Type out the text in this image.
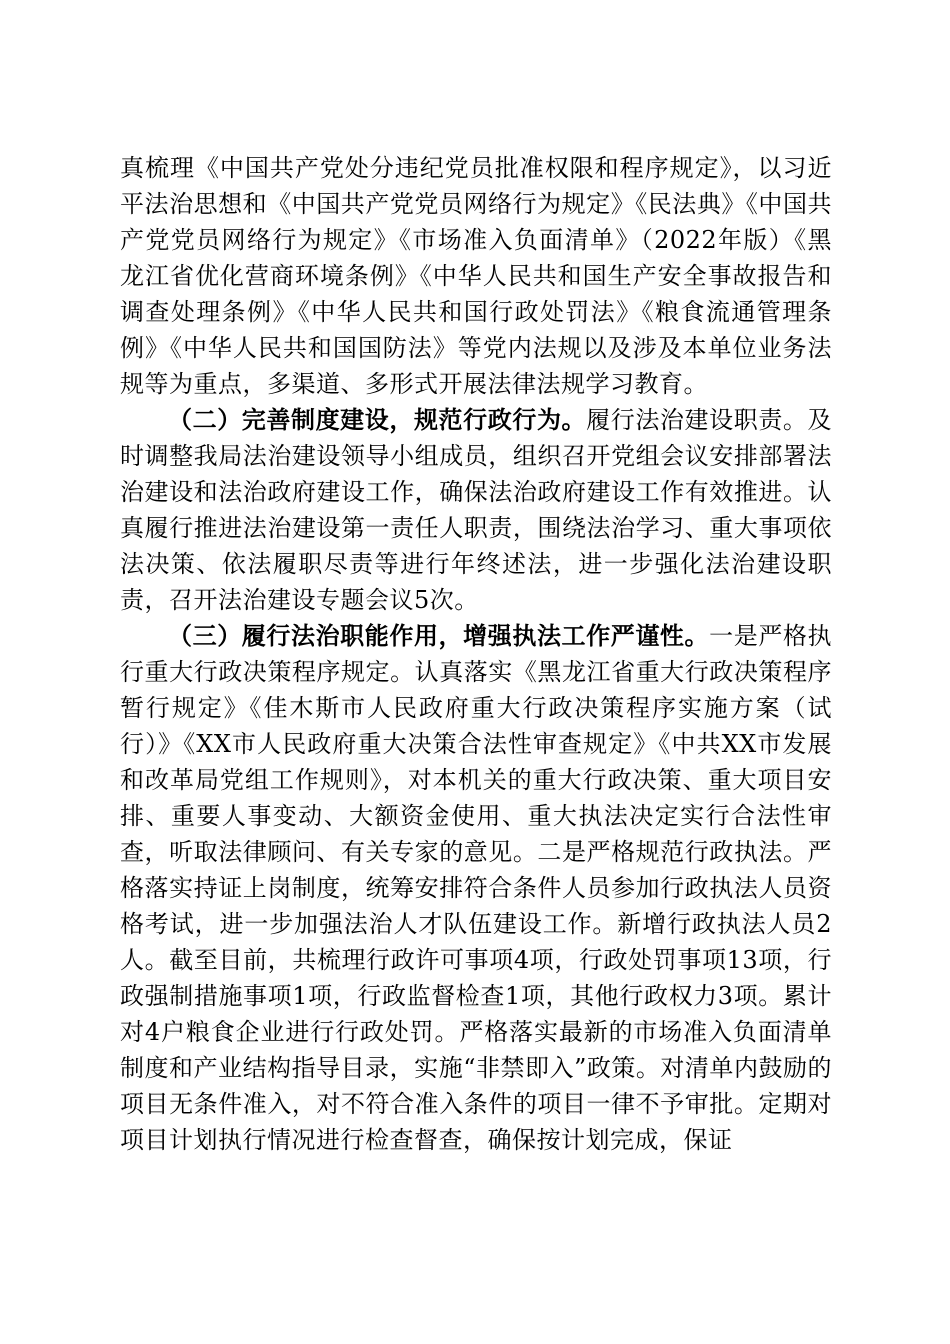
真梳理《中国共产党处分违纪党员批准权限和程序规定》，以习近平法治思想和《中国共产党党员网络行为规定》《民法典》《中国共产党党员网络行为规定》《市场准入负面清单》（2022年版）《黑龙江省优化营商环境条例》《中华人民共和国生产安全事故报告和调查处理条例》《中华人民共和国行政处罚法》《粮食流通管理条例》《中华人民共和国国防法》等党内法规以及涉及本单位业务法规等为重点，多渠道、多形式开展法律法规学习教育。

（二）完善制度建设，规范行政行为。履行法治建设职责。及时调整我局法治建设领导小组成员，组织召开党组会议安排部署法治建设和法治政府建设工作，确保法治政府建设工作有效推进。认真履行推进法治建设第一责任人职责，围绕法治学习、重大事项依法决策、依法履职尽责等进行年终述法，进一步强化法治建设职责，召开法治建设专题会议5次。

（三）履行法治职能作用，增强执法工作严谨性。一是严格执行重大行政决策程序规定。认真落实《黑龙江省重大行政决策程序暂行规定》《佳木斯市人民政府重大行政决策程序实施方案（试行）》《XX市人民政府重大决策合法性审查规定》《中共XX市发展和改革局党组工作规则》，对本机关的重大行政决策、重大项目安排、重要人事变动、大额资金使用、重大执法决定实行合法性审查，听取法律顾问、有关专家的意见。二是严格规范行政执法。严格落实持证上岗制度，统筹安排符合条件人员参加行政执法人员资格考试，进一步加强法治人才队伍建设工作。新增行政执法人员2人。截至目前，共梳理行政许可事项4项，行政处罚事项13项，行政强制措施事项1项，行政监督检查1项，其他行政权力3项。累计对4户粮食企业进行行政处罚。严格落实最新的市场准入负面清单制度和产业结构指导目录，实施“非禁即入”政策。对清单内鼓励的项目无条件准入，对不符合准入条件的项目一律不予审批。定期对项目计划执行情况进行检查督查，确保按计划完成，保证
